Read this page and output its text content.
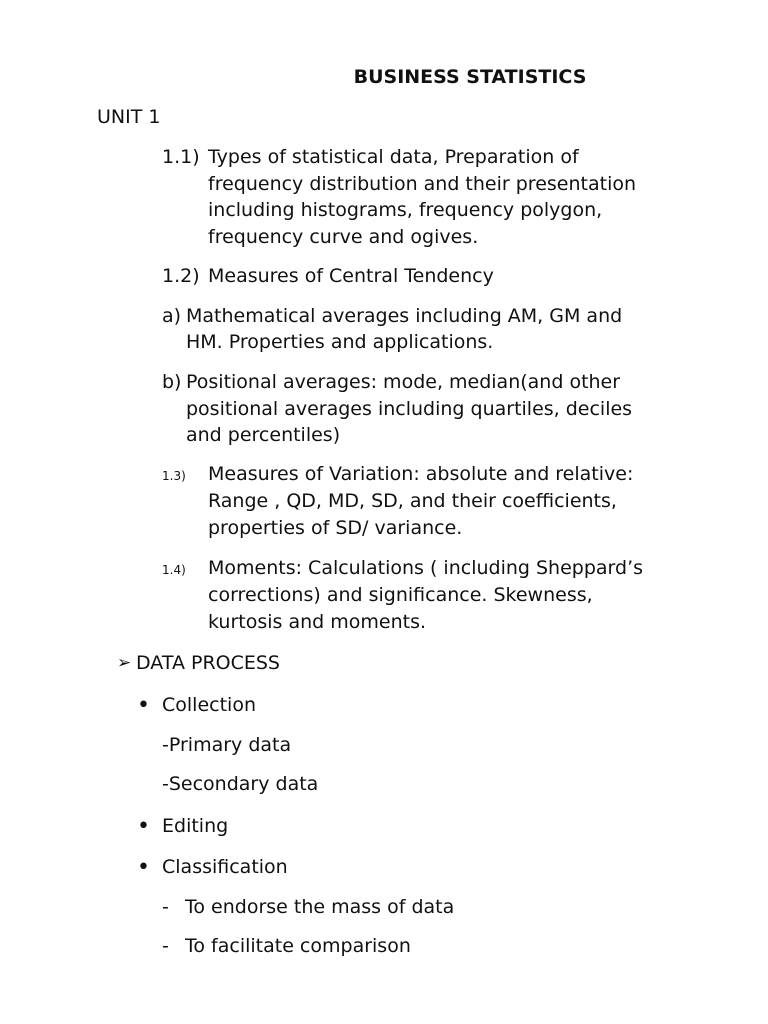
BUSINESS STATISTICS
UNIT 1
1.1) Types of statistical data, Preparation of
frequency distribution and their presentation
including histograms, frequency polygon,
frequency curve and ogives.
1.2) Measures of Central Tendency
a) Mathematical averages including AM, GM and
HM. Properties and applications.
b) Positional averages: mode, median(and other
positional averages including quartiles, deciles
and percentiles)
1.3) Measures of Variation: absolute and relative:
Range , QD, MD, SD, and their coefficients,
properties of SD/ variance.
1.4) Moments: Calculations ( including Sheppard’s
corrections) and significance. Skewness,
kurtosis and moments.
➢ DATA PROCESS
• Collection
-Primary data
-Secondary data
• Editing
• Classification
- To endorse the mass of data
- To facilitate comparison
